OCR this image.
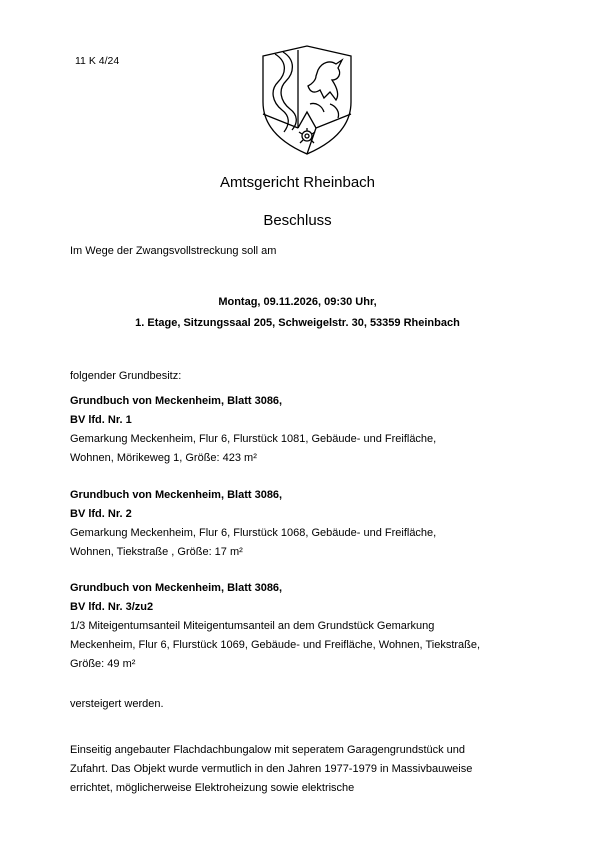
11 K 4/24
Amtsgericht Rheinbach
Beschluss
Im Wege der Zwangsvollstreckung soll am
Montag, 09.11.2026, 09:30 Uhr,
1. Etage, Sitzungssaal 205, Schweigelstr. 30, 53359 Rheinbach
folgender Grundbesitz:
Grundbuch von Meckenheim, Blatt 3086,
BV lfd. Nr. 1
Gemarkung Meckenheim, Flur 6, Flurstück 1081, Gebäude- und Freifläche,
Wohnen, Mörikeweg 1, Größe: 423 m²
Grundbuch von Meckenheim, Blatt 3086,
BV lfd. Nr. 2
Gemarkung Meckenheim, Flur 6, Flurstück 1068, Gebäude- und Freifläche,
Wohnen, Tiekstraße , Größe: 17 m²
Grundbuch von Meckenheim, Blatt 3086,
BV lfd. Nr. 3/zu2
1/3 Miteigentumsanteil Miteigentumsanteil an dem Grundstück Gemarkung
Meckenheim, Flur 6, Flurstück 1069, Gebäude- und Freifläche, Wohnen, Tiekstraße,
Größe: 49 m²
versteigert werden.
Einseitig angebauter Flachdachbungalow mit seperatem Garagengrundstück und
Zufahrt. Das Objekt wurde vermutlich in den Jahren 1977-1979 in Massivbauweise
errichtet, möglicherweise Elektroheizung sowie elektrische
